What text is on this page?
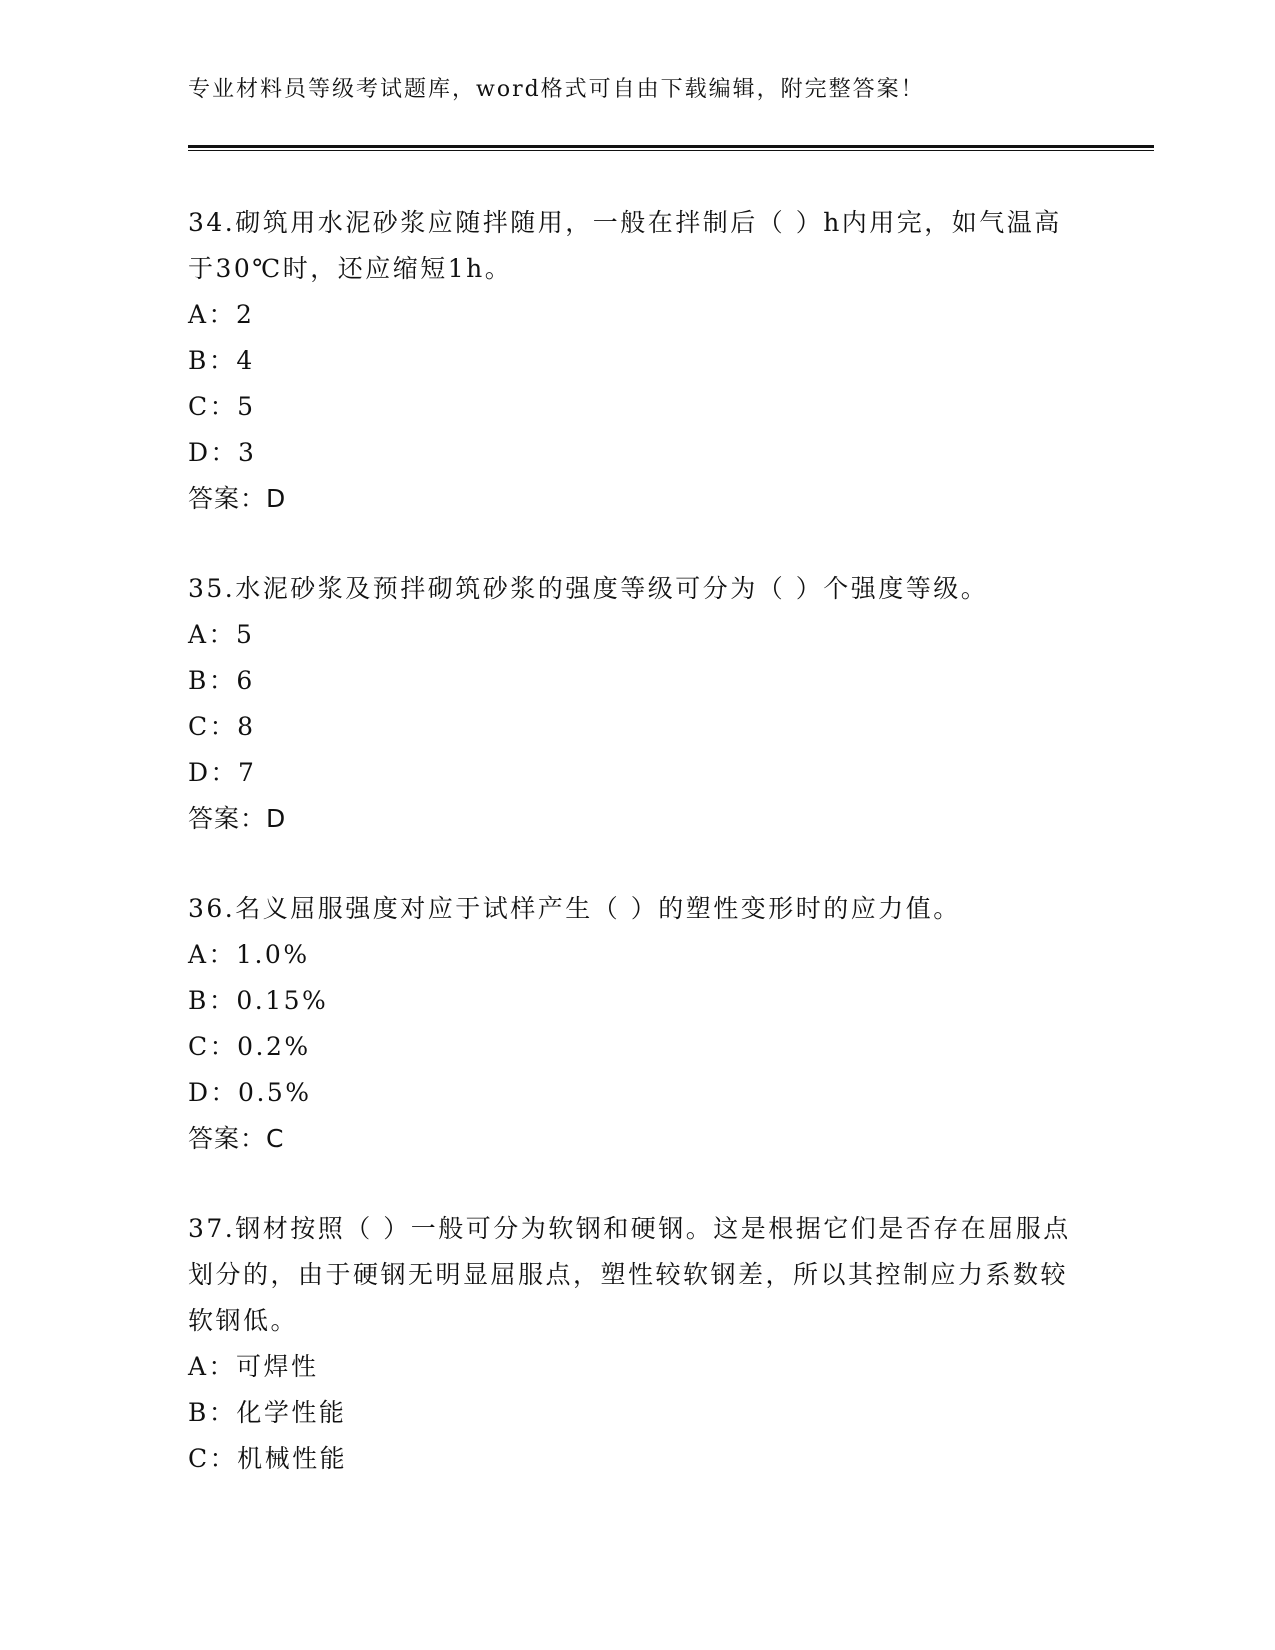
专业材料员等级考试题库，word格式可自由下载编辑，附完整答案！
34.砌筑用水泥砂浆应随拌随用，一般在拌制后（ ）h内用完，如气温高于30℃时，还应缩短1h。
A：2
B：4
C：5
D：3
答案：D
35.水泥砂浆及预拌砌筑砂浆的强度等级可分为（ ）个强度等级。
A：5
B：6
C：8
D：7
答案：D
36.名义屈服强度对应于试样产生（ ）的塑性变形时的应力值。
A：1.0%
B：0.15%
C：0.2%
D：0.5%
答案：C
37.钢材按照（ ）一般可分为软钢和硬钢。这是根据它们是否存在屈服点划分的，由于硬钢无明显屈服点，塑性较软钢差，所以其控制应力系数较软钢低。
A：可焊性
B：化学性能
C：机械性能
